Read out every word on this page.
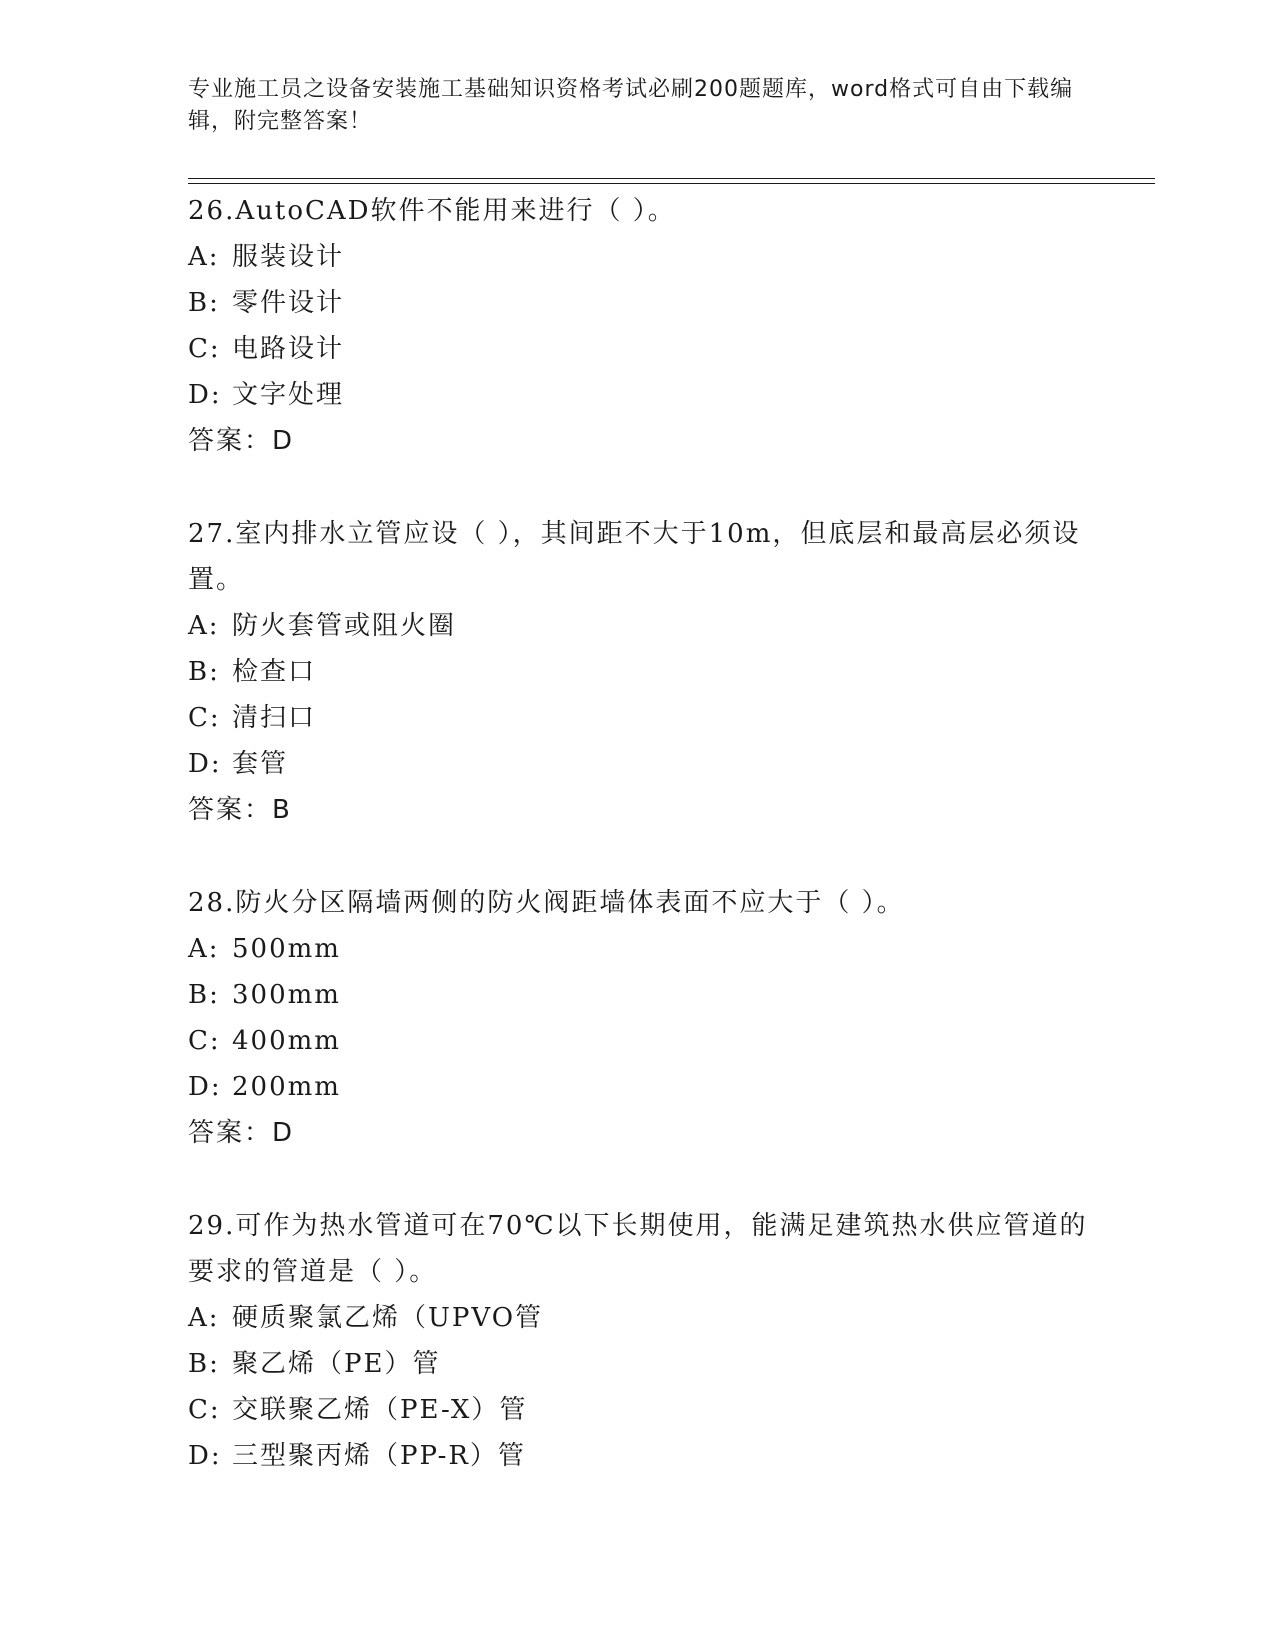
专业施工员之设备安装施工基础知识资格考试必刷200题题库，word格式可自由下载编辑，附完整答案！
26.AutoCAD软件不能用来进行（ ）。
A: 服装设计
B: 零件设计
C: 电路设计
D: 文字处理
答案：D
27.室内排水立管应设（ ），其间距不大于10m，但底层和最高层必须设置。
A: 防火套管或阻火圈
B: 检查口
C: 清扫口
D: 套管
答案：B
28.防火分区隔墙两侧的防火阀距墙体表面不应大于（ ）。
A: 500mm
B: 300mm
C: 400mm
D: 200mm
答案：D
29.可作为热水管道可在70℃以下长期使用，能满足建筑热水供应管道的要求的管道是（ ）。
A: 硬质聚氯乙烯（UPVO管
B: 聚乙烯（PE）管
C: 交联聚乙烯（PE-X）管
D: 三型聚丙烯（PP-R）管
